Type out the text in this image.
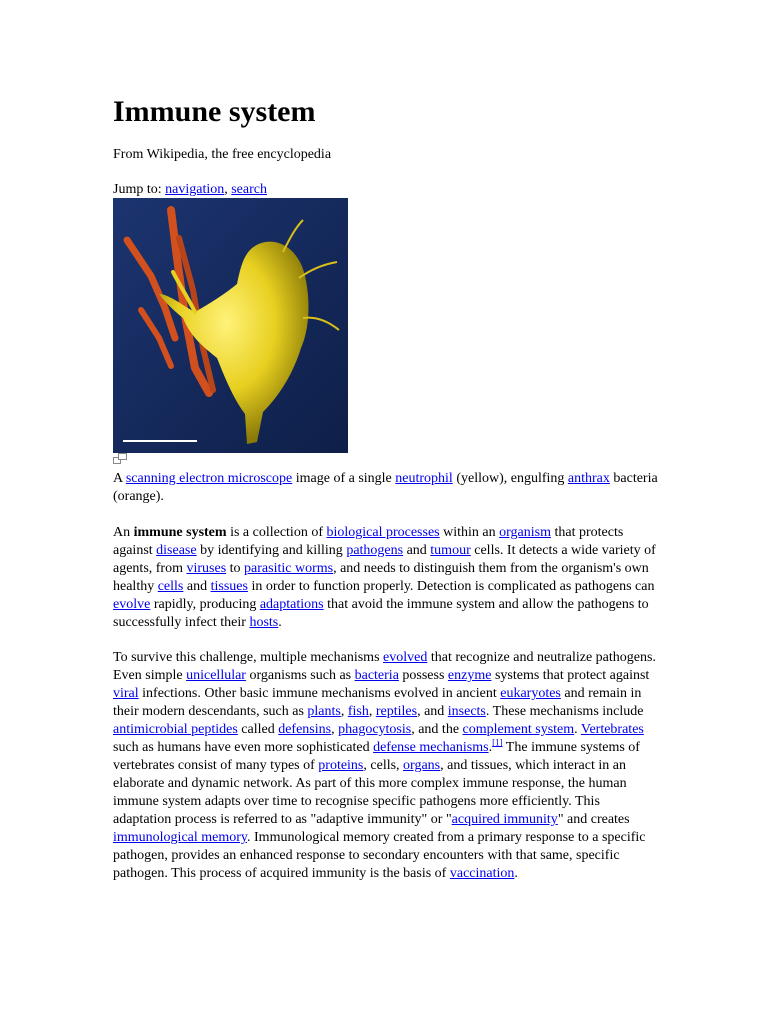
Immune system
From Wikipedia, the free encyclopedia
Jump to: navigation, search
A scanning electron microscope image of a single neutrophil (yellow), engulfing anthrax bacteria (orange).

An immune system is a collection of biological processes within an organism that protects against disease by identifying and killing pathogens and tumour cells. It detects a wide variety of agents, from viruses to parasitic worms, and needs to distinguish them from the organism's own healthy cells and tissues in order to function properly. Detection is complicated as pathogens can evolve rapidly, producing adaptations that avoid the immune system and allow the pathogens to successfully infect their hosts.

To survive this challenge, multiple mechanisms evolved that recognize and neutralize pathogens. Even simple unicellular organisms such as bacteria possess enzyme systems that protect against viral infections. Other basic immune mechanisms evolved in ancient eukaryotes and remain in their modern descendants, such as plants, fish, reptiles, and insects. These mechanisms include antimicrobial peptides called defensins, phagocytosis, and the complement system. Vertebrates such as humans have even more sophisticated defense mechanisms.[1] The immune systems of vertebrates consist of many types of proteins, cells, organs, and tissues, which interact in an elaborate and dynamic network. As part of this more complex immune response, the human immune system adapts over time to recognise specific pathogens more efficiently. This adaptation process is referred to as "adaptive immunity" or "acquired immunity" and creates immunological memory. Immunological memory created from a primary response to a specific pathogen, provides an enhanced response to secondary encounters with that same, specific pathogen. This process of acquired immunity is the basis of vaccination.
